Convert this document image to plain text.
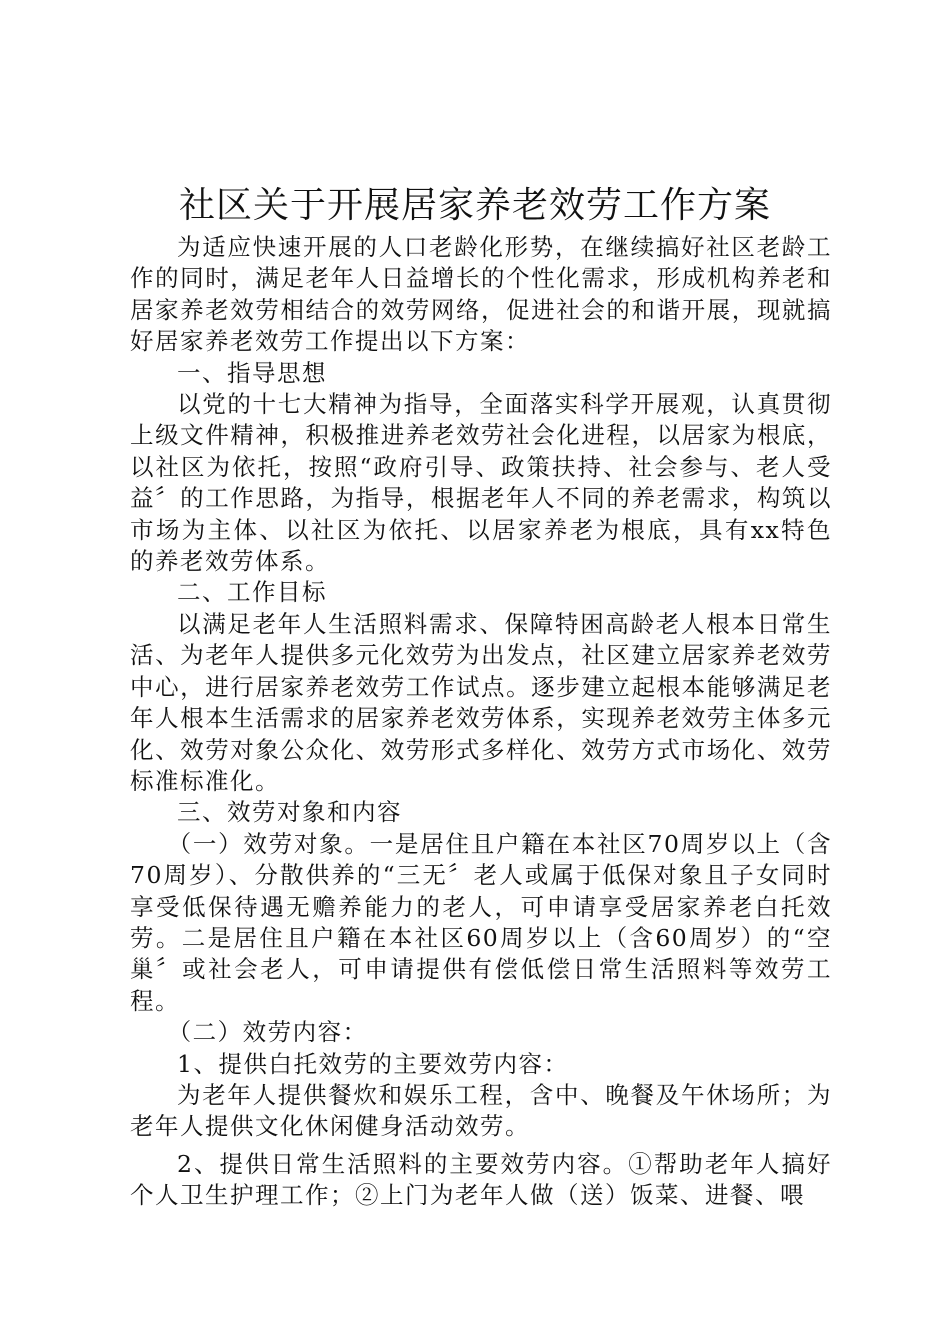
社区关于开展居家养老效劳工作方案

为适应快速开展的人口老龄化形势，在继续搞好社区老龄工作的同时，满足老年人日益增长的个性化需求，形成机构养老和居家养老效劳相结合的效劳网络，促进社会的和谐开展，现就搞好居家养老效劳工作提出以下方案：

一、指导思想

以党的十七大精神为指导，全面落实科学开展观，认真贯彻上级文件精神，积极推进养老效劳社会化进程，以居家为根底，以社区为依托，按照“政府引导、政策扶持、社会参与、老人受益〞的工作思路，为指导，根据老年人不同的养老需求，构筑以市场为主体、以社区为依托、以居家养老为根底，具有xx特色的养老效劳体系。

二、工作目标

以满足老年人生活照料需求、保障特困高龄老人根本日常生活、为老年人提供多元化效劳为出发点，社区建立居家养老效劳中心，进行居家养老效劳工作试点。逐步建立起根本能够满足老年人根本生活需求的居家养老效劳体系，实现养老效劳主体多元化、效劳对象公众化、效劳形式多样化、效劳方式市场化、效劳标准标准化。

三、效劳对象和内容

（一）效劳对象。一是居住且户籍在本社区70周岁以上（含70周岁）、分散供养的“三无〞老人或属于低保对象且子女同时享受低保待遇无赡养能力的老人，可申请享受居家养老白托效劳。二是居住且户籍在本社区60周岁以上（含60周岁）的“空巢〞或社会老人，可申请提供有偿低偿日常生活照料等效劳工程。

（二）效劳内容：

1、提供白托效劳的主要效劳内容：

为老年人提供餐炊和娱乐工程，含中、晚餐及午休场所；为老年人提供文化休闲健身活动效劳。

2、提供日常生活照料的主要效劳内容。①帮助老年人搞好个人卫生护理工作；②上门为老年人做（送）饭菜、进餐、喂
